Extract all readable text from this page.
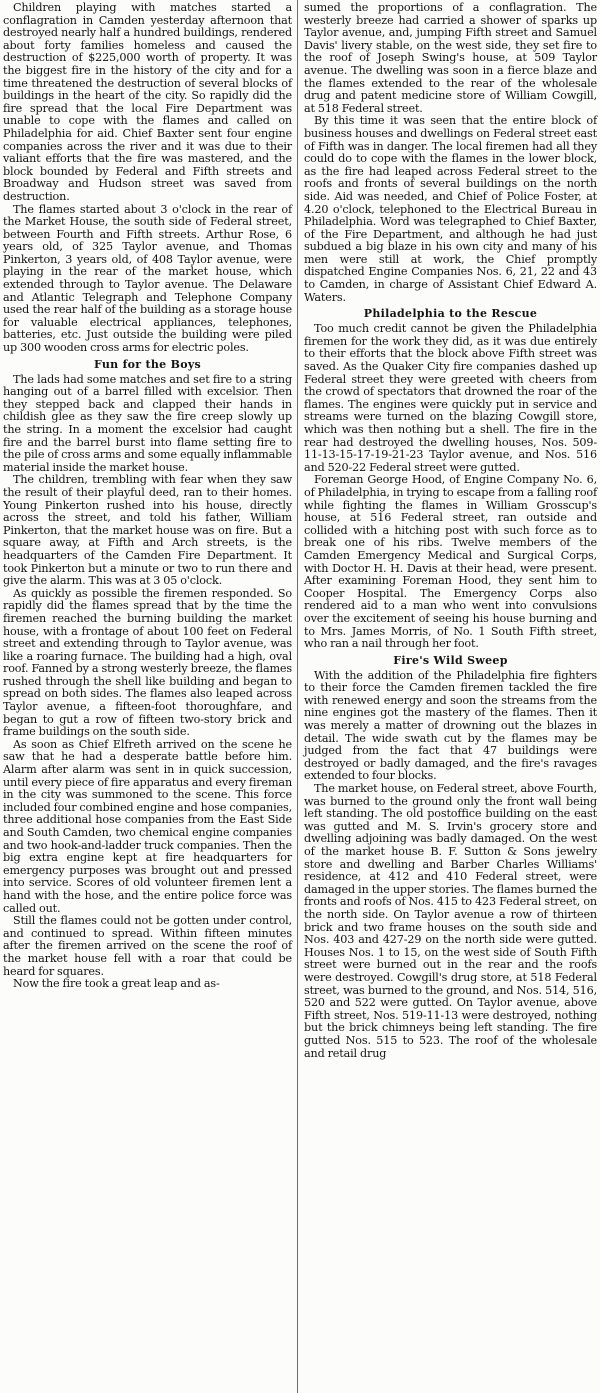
Children playing with matches started a conflagration in Camden yesterday afternoon that destroyed nearly half a hundred buildings, rendered about forty families homeless and caused the destruction of $225,000 worth of property. It was the biggest fire in the history of the city and for a time threatened the destruction of several blocks of buildings in the heart of the city. So rapidly did the fire spread that the local Fire Department was unable to cope with the flames and called on Philadelphia for aid. Chief Baxter sent four engine companies across the river and it was due to their valiant efforts that the fire was mastered, and the block bounded by Federal and Fifth streets and Broadway and Hudson street was saved from destruction.

The flames started about 3 o'clock in the rear of the Market House, the south side of Federal street, between Fourth and Fifth streets. Arthur Rose, 6 years old, of 325 Taylor avenue, and Thomas Pinkerton, 3 years old, of 408 Taylor avenue, were playing in the rear of the market house, which extended through to Taylor avenue. The Delaware and Atlantic Telegraph and Telephone Company used the rear half of the building as a storage house for valuable electrical appliances, telephones, batteries, etc. Just outside the building were piled up 300 wooden cross arms for electric poles.

Fun for the Boys

The lads had some matches and set fire to a string hanging out of a barrel filled with excelsior. Then they stepped back and clapped their hands in childish glee as they saw the fire creep slowly up the string. In a moment the excelsior had caught fire and the barrel burst into flame setting fire to the pile of cross arms and some equally inflammable material inside the market house.

The children, trembling with fear when they saw the result of their playful deed, ran to their homes. Young Pinkerton rushed into his house, directly across the street, and told his father, William Pinkerton, that the market house was on fire. But a square away, at Fifth and Arch streets, is the headquarters of the Camden Fire Department. It took Pinkerton but a minute or two to run there and give the alarm. This was at 3 05 o'clock.

As quickly as possible the firemen responded. So rapidly did the flames spread that by the time the firemen reached the burning building the market house, with a frontage of about 100 feet on Federal street and extending through to Taylor avenue, was like a roaring furnace. The building had a high, oval roof. Fanned by a strong westerly breeze, the flames rushed through the shell like building and began to spread on both sides. The flames also leaped across Taylor avenue, a fifteen-foot thoroughfare, and began to gut a row of fifteen two-story brick and frame buildings on the south side.

As soon as Chief Elfreth arrived on the scene he saw that he had a desperate battle before him. Alarm after alarm was sent in in quick succession, until every piece of fire apparatus and every fireman in the city was summoned to the scene. This force included four combined engine and hose companies, three additional hose companies from the East Side and South Camden, two chemical engine companies and two hook-and-ladder truck companies. Then the big extra engine kept at fire headquarters for emergency purposes was brought out and pressed into service. Scores of old volunteer firemen lent a hand with the hose, and the entire police force was called out.

Still the flames could not be gotten under control, and continued to spread. Within fifteen minutes after the firemen arrived on the scene the roof of the market house fell with a roar that could be heard for squares.

Now the fire took a great leap and as-

sumed the proportions of a conflagration. The westerly breeze had carried a shower of sparks up Taylor avenue, and, jumping Fifth street and Samuel Davis' livery stable, on the west side, they set fire to the roof of Joseph Swing's house, at 509 Taylor avenue. The dwelling was soon in a fierce blaze and the flames extended to the rear of the wholesale drug and patent medicine store of William Cowgill, at 518 Federal street.

By this time it was seen that the entire block of business houses and dwellings on Federal street east of Fifth was in danger. The local firemen had all they could do to cope with the flames in the lower block, as the fire had leaped across Federal street to the roofs and fronts of several buildings on the north side. Aid was needed, and Chief of Police Foster, at 4.20 o'clock, telephoned to the Electrical Bureau in Philadelphia. Word was telegraphed to Chief Baxter, of the Fire Department, and although he had just subdued a big blaze in his own city and many of his men were still at work, the Chief promptly dispatched Engine Companies Nos. 6, 21, 22 and 43 to Camden, in charge of Assistant Chief Edward A. Waters.

Philadelphia to the Rescue

Too much credit cannot be given the Philadelphia firemen for the work they did, as it was due entirely to their efforts that the block above Fifth street was saved. As the Quaker City fire companies dashed up Federal street they were greeted with cheers from the crowd of spectators that drowned the roar of the flames. The engines were quickly put in service and streams were turned on the blazing Cowgill store, which was then nothing but a shell. The fire in the rear had destroyed the dwelling houses, Nos. 509-11-13-15-17-19-21-23 Taylor avenue, and Nos. 516 and 520-22 Federal street were gutted.

Foreman George Hood, of Engine Company No. 6, of Philadelphia, in trying to escape from a falling roof while fighting the flames in William Grosscup's house, at 516 Federal street, ran outside and collided with a hitching post with such force as to break one of his ribs. Twelve members of the Camden Emergency Medical and Surgical Corps, with Doctor H. H. Davis at their head, were present. After examining Foreman Hood, they sent him to Cooper Hospital. The Emergency Corps also rendered aid to a man who went into convulsions over the excitement of seeing his house burning and to Mrs. James Morris, of No. 1 South Fifth street, who ran a nail through her foot.

Fire's Wild Sweep

With the addition of the Philadelphia fire fighters to their force the Camden firemen tackled the fire with renewed energy and soon the streams from the nine engines got the mastery of the flames. Then it was merely a matter of drowning out the blazes in detail. The wide swath cut by the flames may be judged from the fact that 47 buildings were destroyed or badly damaged, and the fire's ravages extended to four blocks.

The market house, on Federal street, above Fourth, was burned to the ground only the front wall being left standing. The old postoffice building on the east was gutted and M. S. Irvin's grocery store and dwelling adjoining was badly damaged. On the west of the market house B. F. Sutton & Sons jewelry store and dwelling and Barber Charles Williams' residence, at 412 and 410 Federal street, were damaged in the upper stories. The flames burned the fronts and roofs of Nos. 415 to 423 Federal street, on the north side. On Taylor avenue a row of thirteen brick and two frame houses on the south side and Nos. 403 and 427-29 on the north side were gutted. Houses Nos. 1 to 15, on the west side of South Fifth street were burned out in the rear and the roofs were destroyed. Cowgill's drug store, at 518 Federal street, was burned to the ground, and Nos. 514, 516, 520 and 522 were gutted. On Taylor avenue, above Fifth street, Nos. 519-11-13 were destroyed, nothing but the brick chimneys being left standing. The fire gutted Nos. 515 to 523. The roof of the wholesale and retail drug
